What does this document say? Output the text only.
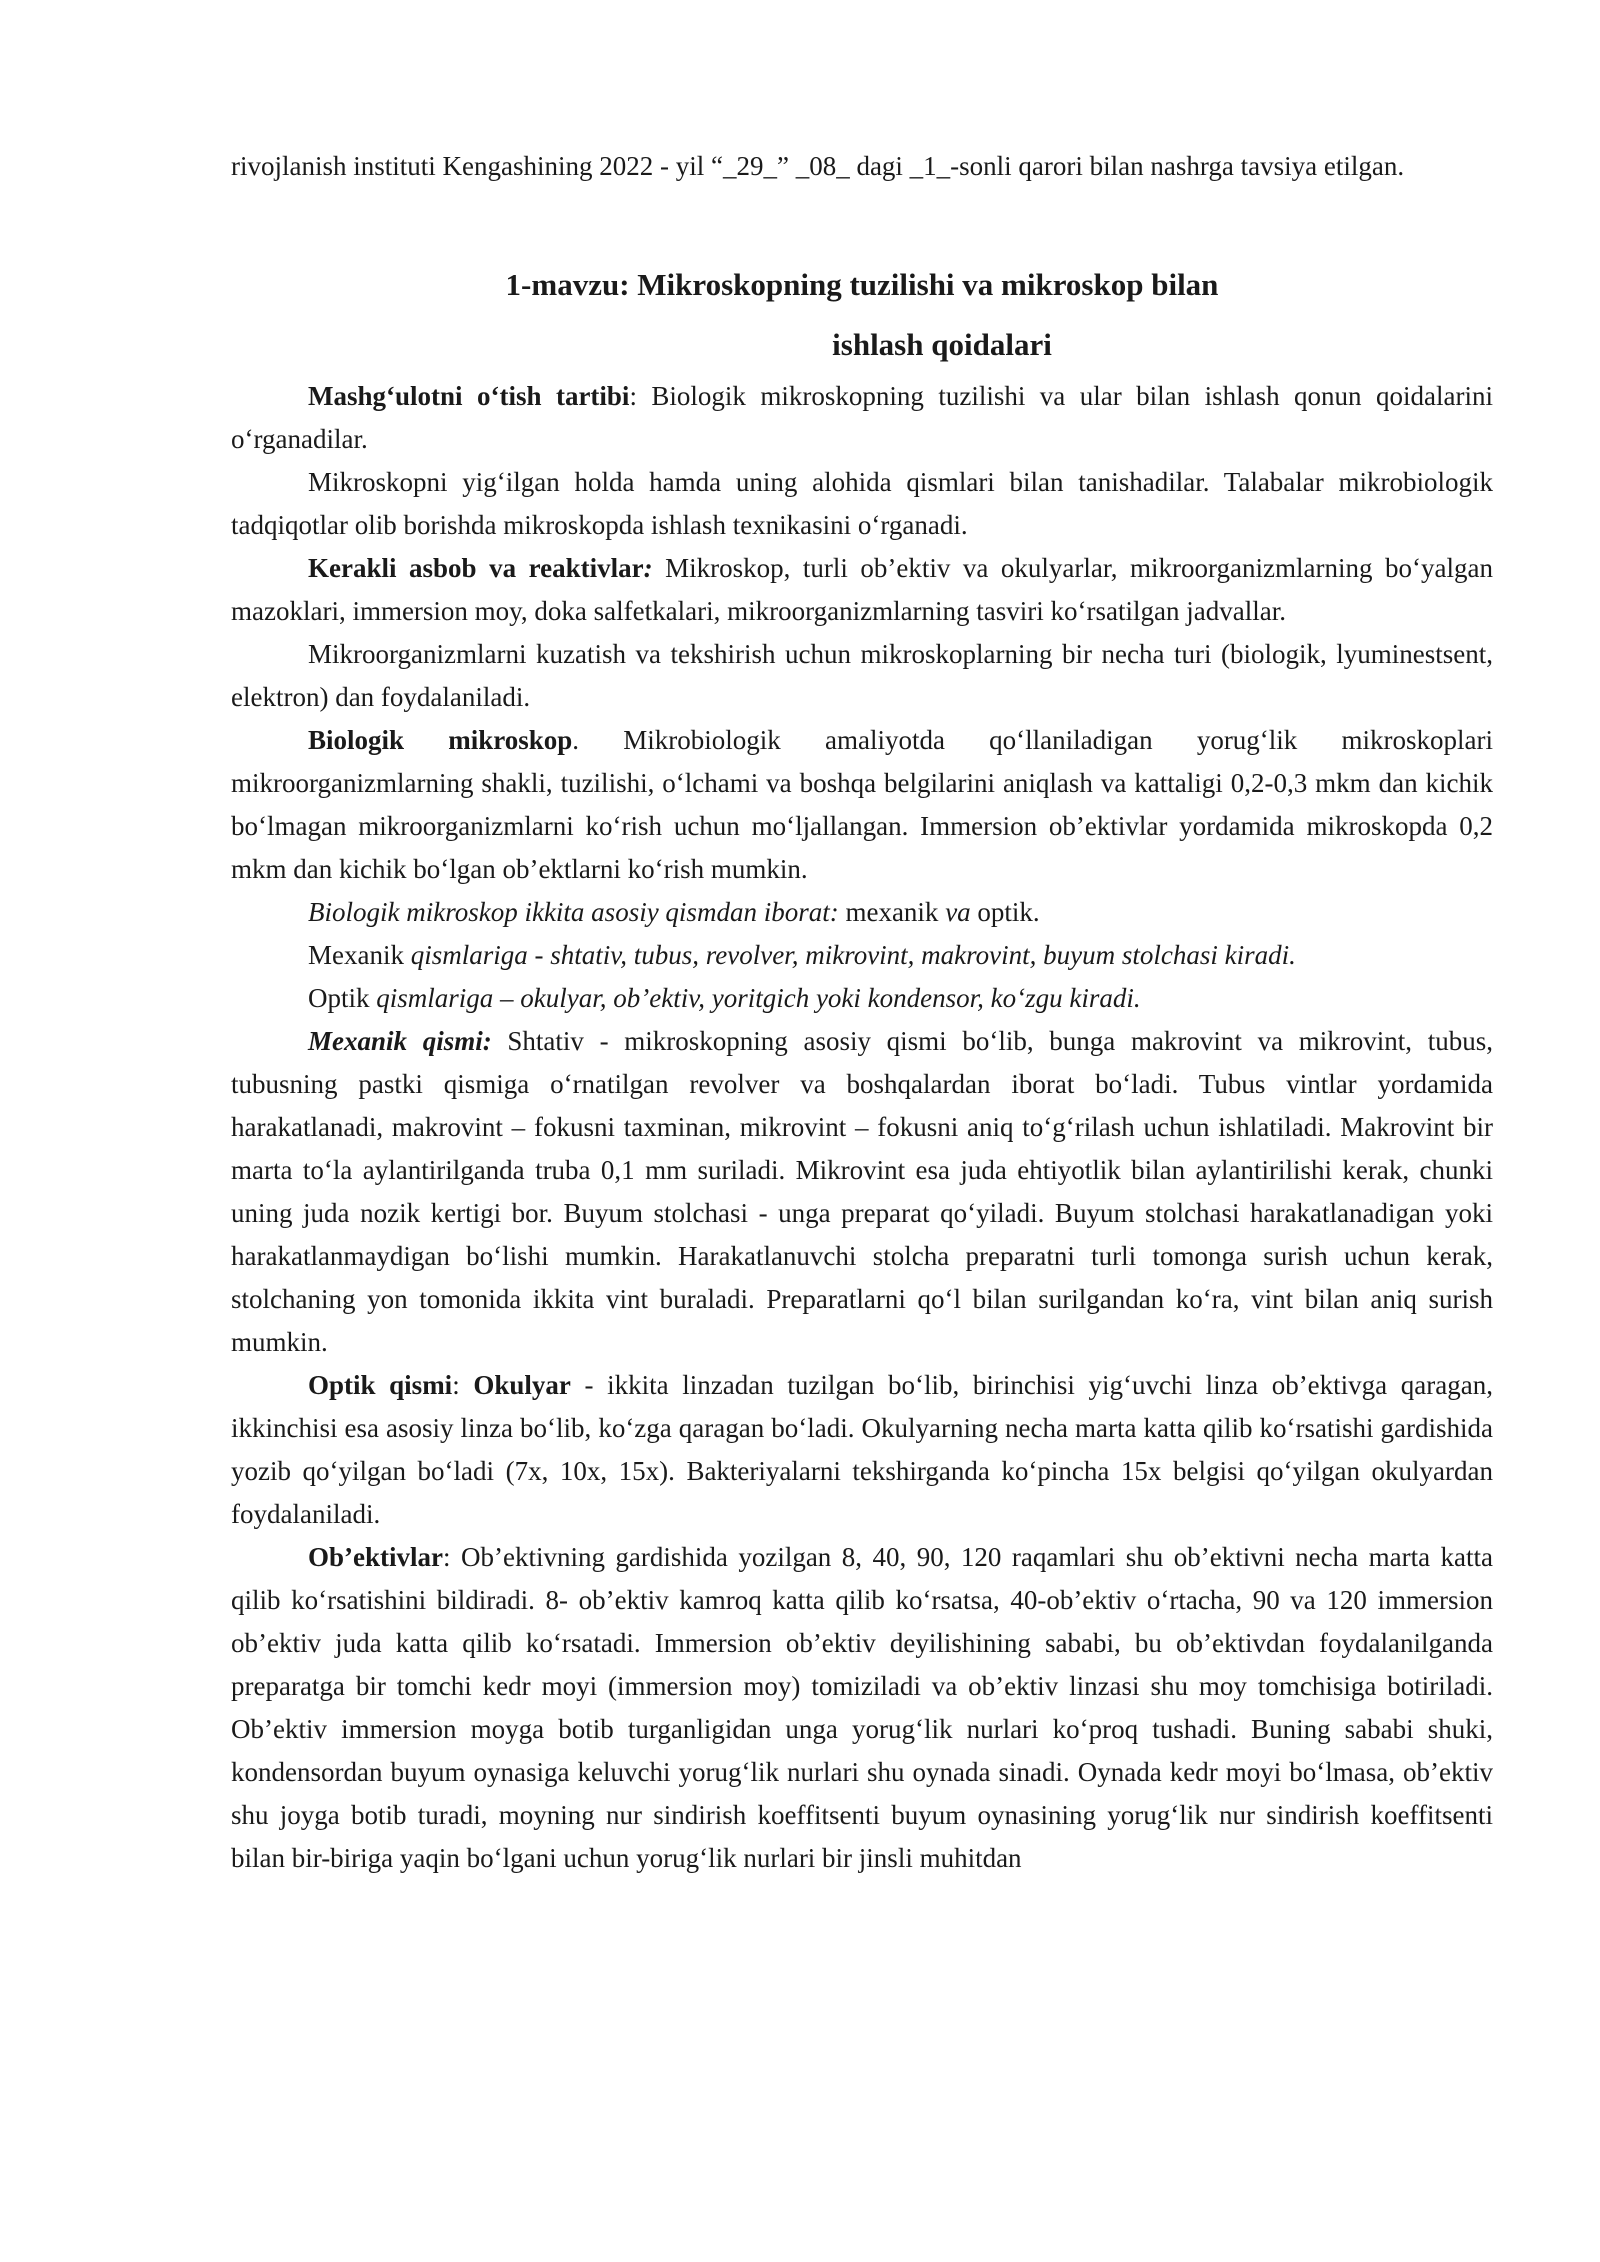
rivojlanish instituti Kengashining 2022 - yil “_29_” _08_ dagi _1_-sonli qarori bilan nashrga tavsiya etilgan.

1-mavzu: Mikroskopning tuzilishi va mikroskop bilan
ishlash qoidalari

Mashg‘ulotni o‘tish tartibi: Biologik mikroskopning tuzilishi va ular bilan ishlash qonun qoidalarini o‘rganadilar.

Mikroskopni yig‘ilgan holda hamda uning alohida qismlari bilan tanishadilar. Talabalar mikrobiologik tadqiqotlar olib borishda mikroskopda ishlash texnikasini o‘rganadi.

Kerakli asbob va reaktivlar: Mikroskop, turli ob’ektiv va okulyarlar, mikroorganizmlarning bo‘yalgan mazoklari, immersion moy, doka salfetkalari, mikroorganizmlarning tasviri ko‘rsatilgan jadvallar.

Mikroorganizmlarni kuzatish va tekshirish uchun mikroskoplarning bir necha turi (biologik, lyuminestsent, elektron) dan foydalaniladi.

Biologik mikroskop. Mikrobiologik amaliyotda qo‘llaniladigan yorug‘lik mikroskoplari mikroorganizmlarning shakli, tuzilishi, o‘lchami va boshqa belgilarini aniqlash va kattaligi 0,2-0,3 mkm dan kichik bo‘lmagan mikroorganizmlarni ko‘rish uchun mo‘ljallangan. Immersion ob’ektivlar yordamida mikroskopda 0,2 mkm dan kichik bo‘lgan ob’ektlarni ko‘rish mumkin.

Biologik mikroskop ikkita asosiy qismdan iborat: mexanik va optik.

Mexanik qismlariga - shtativ, tubus, revolver, mikrovint, makrovint, buyum stolchasi kiradi.

Optik qismlariga – okulyar, ob’ektiv, yoritgich yoki kondensor, ko‘zgu kiradi.

Mexanik qismi: Shtativ - mikroskopning asosiy qismi bo‘lib, bunga makrovint va mikrovint, tubus, tubusning pastki qismiga o‘rnatilgan revolver va boshqalardan iborat bo‘ladi. Tubus vintlar yordamida harakatlanadi, makrovint – fokusni taxminan, mikrovint – fokusni aniq to‘g‘rilash uchun ishlatiladi. Makrovint bir marta to‘la aylantirilganda truba 0,1 mm suriladi. Mikrovint esa juda ehtiyotlik bilan aylantirilishi kerak, chunki uning juda nozik kertigi bor. Buyum stolchasi - unga preparat qo‘yiladi. Buyum stolchasi harakatlanadigan yoki harakatlanmaydigan bo‘lishi mumkin. Harakatlanuvchi stolcha preparatni turli tomonga surish uchun kerak, stolchaning yon tomonida ikkita vint buraladi. Preparatlarni qo‘l bilan surilgandan ko‘ra, vint bilan aniq surish mumkin.

Optik qismi: Okulyar - ikkita linzadan tuzilgan bo‘lib, birinchisi yig‘uvchi linza ob’ektivga qaragan, ikkinchisi esa asosiy linza bo‘lib, ko‘zga qaragan bo‘ladi. Okulyarning necha marta katta qilib ko‘rsatishi gardishida yozib qo‘yilgan bo‘ladi (7x, 10x, 15x). Bakteriyalarni tekshirganda ko‘pincha 15x belgisi qo‘yilgan okulyardan foydalaniladi.

Ob’ektivlar: Ob’ektivning gardishida yozilgan 8, 40, 90, 120 raqamlari shu ob’ektivni necha marta katta qilib ko‘rsatishini bildiradi. 8- ob’ektiv kamroq katta qilib ko‘rsatsa, 40-ob’ektiv o‘rtacha, 90 va 120 immersion ob’ektiv juda katta qilib ko‘rsatadi. Immersion ob’ektiv deyilishining sababi, bu ob’ektivdan foydalanilganda preparatga bir tomchi kedr moyi (immersion moy) tomiziladi va ob’ektiv linzasi shu moy tomchisiga botiriladi. Ob’ektiv immersion moyga botib turganligidan unga yorug‘lik nurlari ko‘proq tushadi. Buning sababi shuki, kondensordan buyum oynasiga keluvchi yorug‘lik nurlari shu oynada sinadi. Oynada kedr moyi bo‘lmasa, ob’ektiv shu joyga botib turadi, moyning nur sindirish koeffitsenti buyum oynasining yorug‘lik nur sindirish koeffitsenti bilan bir-biriga yaqin bo‘lgani uchun yorug‘lik nurlari bir jinsli muhitdan
